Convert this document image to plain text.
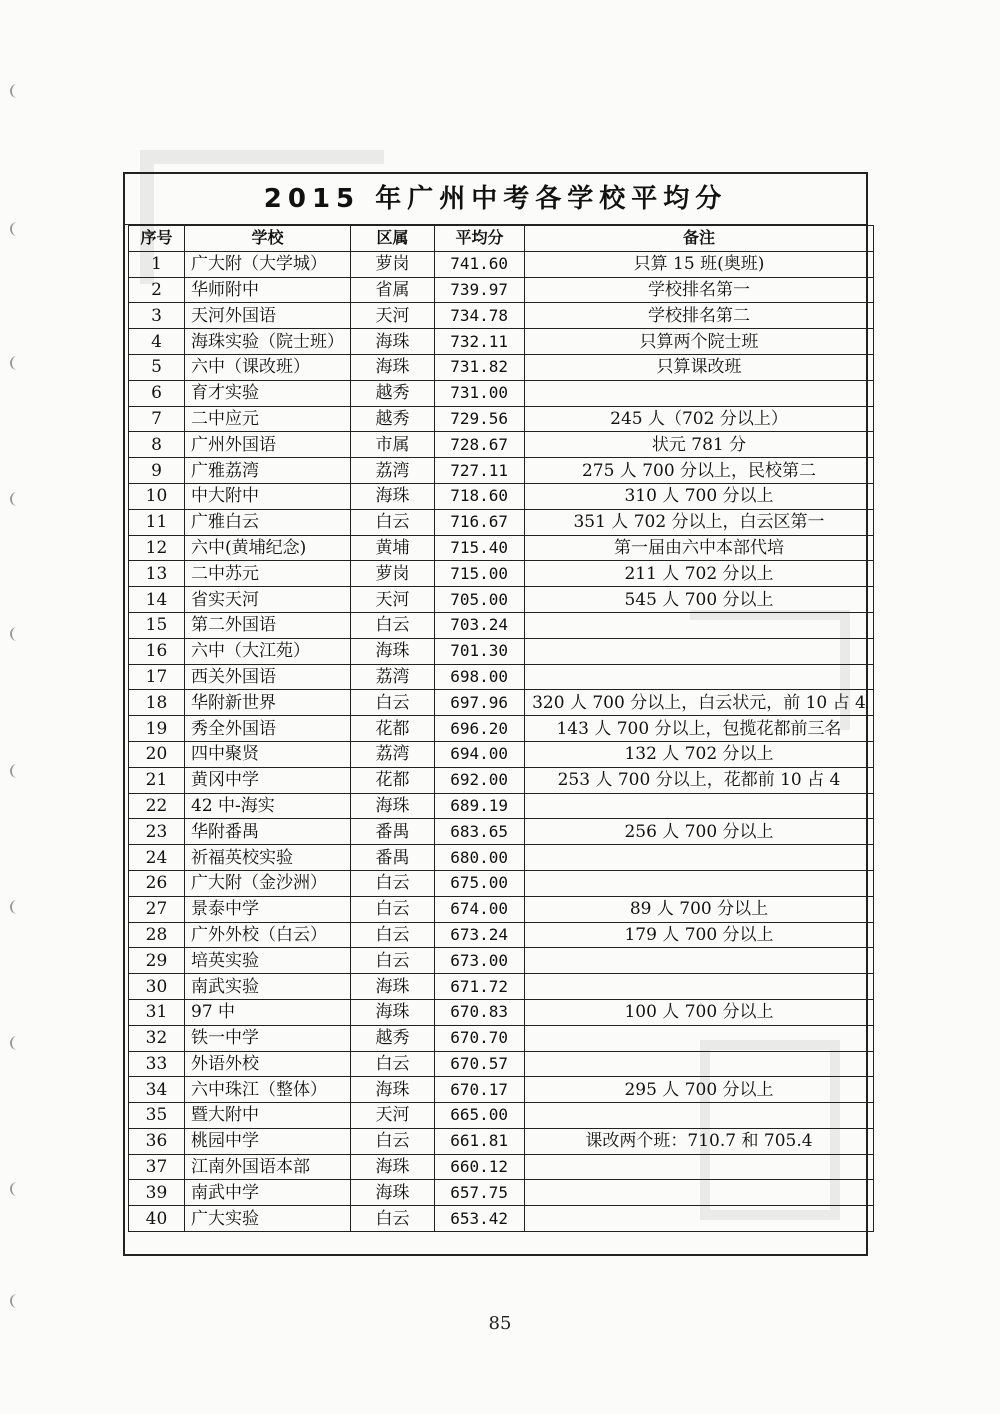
2015 年广州中考各学校平均分
序号	学校	区属	平均分	备注
1	广大附（大学城）	萝岗	741.60	只算 15 班(奥班)
2	华师附中	省属	739.97	学校排名第一
3	天河外国语	天河	734.78	学校排名第二
4	海珠实验（院士班）	海珠	732.11	只算两个院士班
5	六中（课改班）	海珠	731.82	只算课改班
6	育才实验	越秀	731.00	
7	二中应元	越秀	729.56	245 人（702 分以上）
8	广州外国语	市属	728.67	状元 781 分
9	广雅荔湾	荔湾	727.11	275 人 700 分以上，民校第二
10	中大附中	海珠	718.60	310 人 700 分以上
11	广雅白云	白云	716.67	351 人 702 分以上，白云区第一
12	六中(黄埔纪念)	黄埔	715.40	第一届由六中本部代培
13	二中苏元	萝岗	715.00	211 人 702 分以上
14	省实天河	天河	705.00	545 人 700 分以上
15	第二外国语	白云	703.24	
16	六中（大江苑）	海珠	701.30	
17	西关外国语	荔湾	698.00	
18	华附新世界	白云	697.96	320 人 700 分以上，白云状元，前 10 占 4
19	秀全外国语	花都	696.20	143 人 700 分以上，包揽花都前三名
20	四中聚贤	荔湾	694.00	132 人 702 分以上
21	黄冈中学	花都	692.00	253 人 700 分以上，花都前 10 占 4
22	42 中-海实	海珠	689.19	
23	华附番禺	番禺	683.65	256 人 700 分以上
24	祈福英校实验	番禺	680.00	
26	广大附（金沙洲）	白云	675.00	
27	景泰中学	白云	674.00	89 人 700 分以上
28	广外外校（白云）	白云	673.24	179 人 700 分以上
29	培英实验	白云	673.00	
30	南武实验	海珠	671.72	
31	97 中	海珠	670.83	100 人 700 分以上
32	铁一中学	越秀	670.70	
33	外语外校	白云	670.57	
34	六中珠江（整体）	海珠	670.17	295 人 700 分以上
35	暨大附中	天河	665.00	
36	桃园中学	白云	661.81	课改两个班：710.7 和 705.4
37	江南外国语本部	海珠	660.12	
39	南武中学	海珠	657.75	
40	广大实验	白云	653.42	
85
